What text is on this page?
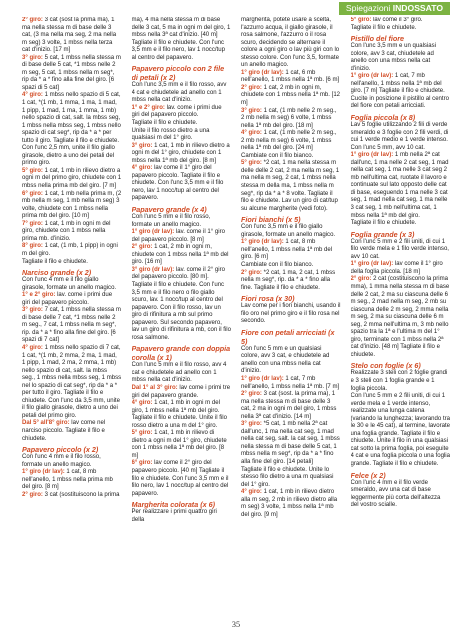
Spiegazioni INDOSSATO

2° giro: 3 cat (sost la prima ma), 1 ma nella stessa m di base delle 3 cat, (3 ma nella ma seg, 2 ma nella m seg) 3 volte, 1 mbss nella terza cat d'inizio. [17 m]

3° giro: 5 cat, 1 mbss nella stessa m di base delle 5 cat, *1 mbss nelle 2 m seg, 5 cat, 1 mbss nella m seg*, rip da * a * fino alla fine del giro. [6 spazi di 5 cat]

4° giro: 1 mbss nello spazio di 5 cat, 1 cat, *(1 mb, 1 mma, 1 ma, 1 mad, 1 pipp, 1 mad, 1 ma, 1 mma, 1 mb) nello spazio di cat, salt. la mbss seg, 1 mbss nella mbss seg, 1 mbss nello spazio di cat seg*, rip da * a * per tutto il giro. Tagliate il filo e chiudete. Con l'unc 2,5 mm, unite il filo giallo girasole, dietro a uno dei petali del primo giro.

5° giro: 1 cat, 1 mb in rilievo dietro a ogni m del primo giro, chiudete con 1 mbss nella prima mb del giro. [7 m]

6° giro: 1 cat, 1 mb nella prima m, (2 mb nella m seg, 1 mb nella m seg) 3 volte, chiudete con 1 mbss nella prima mb del giro. [10 m]

7° giro: 1 cat, 1 mb in ogni m del giro, chiudete con 1 mbss nella prima mb. d'inizio.

8° giro: 1 cat, (1 mb, 1 pipp) in ogni m del giro.

Tagliate il filo e chiudete.

Narciso grande (x 2)

Con l'unc 4 mm e il filo giallo girasole, formate un anello magico.

1° e 2° giro: lav. come i primi due giri del papavero piccolo.

3° giro: 7 cat, 1 mbss nella stessa m di base delle 7 cat, *1 mbss nelle 2 m seg., 7 cat, 1 mbss nella m seg*, rip. da * a * fino alla fine del giro. [6 spazi di 7 cat]

4° giro: 1 mbss nello spazio di 7 cat, 1 cat, *(1 mb, 2 mma, 2 ma, 1 mad, 1 pipp, 1 mad, 2 ma, 2 mma, 1 mb) nello spazio di cat, salt. la mbss seg., 1 mbss nella mbss seg, 1 mbss nel lo spazio di cat seg*, rip da * a * per tutto il giro. Tagliate il filo e chiudete. Con l'unc da 3,5 mm, unite il filo giallo girasole, dietro a uno dei petali del primo giro.

Dal 5° all'8° giro: lav come nel narciso piccolo. Tagliate il filo e chiudete.

Papavero piccolo (x 2)

Con l'unc 4 mm e il filo rosso, formate un anello magico.

1° giro (dr lav): 1 cat, 8 mb nell'anello, 1 mbss nella prima mb del giro. [8 m]

2° giro: 3 cat (sostituiscono la prima

ma), 4 ma nella stessa m di base delle 3 cat, 5 ma in ogni m del giro, 1 mbss nella 3ª cat d'inizio. [40 m] Tagliate il filo e chiudete. Con l'unc 3,5 mm e il filo nero, lav 1 nocc/tup al centro del papavero.

Papavero piccolo con 2 file di petali (x 2)

Con l'unc 3,5 mm e il filo rosso, avv 4 cat e chiudetele ad anello con 1 mbss nella cat d'inizio.

1° e 2° giro: lav. come i primi due giri del papavero piccolo.

Tagliate il filo e chiudete.

Unite il filo rosso dietro a una qualsiasi m del 1° giro.

3° giro: 1 cat, 1 mb in rilievo dietro a ogni m del 1° giro, chiudete con 1 mbss nella 1ª mb del giro. [8 m]

4° giro: lav come il 1° giro del papavero piccolo. Tagliate il filo e chiudete. Con l'unc 3,5 mm e il filo nero, lav 1 nocc/tup al centro del papavero.

Papavero grande (x 4)

Con l'unc 5 mm e il filo rosso, formate un anello magico.

1° giro (dr lav): lav. come il 1° giro del papavero piccolo. [8 m]

2° giro: 1 cat, 2 mb in ogni m, chiudete con 1 mbss nella 1ª mb del giro. [16 m]

3° giro (dr lav): lav. come il 2° giro del papavero piccolo. [80 m]. Tagliate il filo e chiudete. Con l'unc 3,5 mm e il filo nero o filo giallo scuro, lav. 1 nocc/tup al centro del papavero. Con il filo rosso, lav un giro di rifinitura a mb sul primo papavero. Sul secondo papavero, lav un giro di rifinitura a mb, con il filo rosa salmone.

Papavero grande con doppia corolla (x 1)

Con l'unc 5 mm e il filo rosso, avv 4 cat e chiudetele ad anello con 1 mbss nella cat d'inizio.

Dal 1° al 3° giro: lav come i primi tre giri del papavero grande.

4° giro: 1 cat, 1 mb in ogni m del giro, 1 mbss nella 1ª mb del giro. Tagliate il filo e chiudete. Unite il filo rosso dietro a una m del 1° giro.

5° giro: 1 cat, 1 mb in rilievo di dietro a ogni m del 1° giro, chiudete con 1 mbss nella 1ª mb del giro. [8 m]

6° giro: lav come il 2° giro del papavero piccolo. [40 m] Tagliate il filo e chiudete. Con l'unc 3,5 mm e il filo nero, lav 1 nocc/tup al centro del papavero.

Margherita colorata (x 6)

Per realizzare i primi quattro giri della

margherita, potete usare a scelta, l'azzurro acqua, il giallo girasole, il rosa salmone, l'azzurro o il rosa scuro, decidendo se alternare il colore a ogni giro o lav più giri con lo stesso colore. Con l'unc 3,5, formate un anello magico.

1° giro (dr lav): 1 cat, 6 mb nell'anello, 1 mbss nella 1ª mb. [6 m]

2° giro: 1 cat, 2 mb in ogni m, chiudete con 1 mbss nella 1ª mb. [12 m]

3° giro: 1 cat, (1 mb nelle 2 m seg., 2 mb nella m seg) 6 volte, 1 mbss nella 1ª mb del giro. [18 m]

4° giro: 1 cat, (1 mb nelle 2 m seg., 2 mb nella m seg) 6 volte, 1 mbss nella 1ª mb del giro. [24 m]

Cambiate con il filo bianco.

5° giro: *2 cat, 1 ma nella stessa m delle delle 2 cat, 2 ma nella m seg, 1 ma nella m seg, 2 cat, 1 mbss nella stessa m della ma, 1 mbss nella m seg*, rip da * a * 8 volte. Tagliate il filo e chiudete. Lav un giro di cat/tup su alcune margherite (vedi foto).

Fiori bianchi (x 5)

Con l'unc 3,5 mm e il filo giallo girasole, formate un anello magico.

1° giro (dr lav): 1 cat, 8 mb nell'anello, 1 mbss nella 1ª mb del giro. [6 m]

Cambiate con il filo bianco.

2° giro: *2 cat, 1 ma, 2 cat, 1 mbss nella m seg*, rip. da * a * fino alla fine. Tagliate il filo e chiudete.

Fiori rosa (x 30)

Lav come per i fiori bianchi, usando il filo oro nel primo giro e il filo rosa nel secondo.

Fiore con petali arricciati (x 5)

Con l'unc 5 mm e un qualsiasi colore, avv 3 cat, e chiudetele ad anello con una mbss nella cat d'inizio.

1° giro (dr lav): 1 cat, 7 mb nell'anello, 1 mbss nella 1ª mb. [7 m]

2° giro: 3 cat (sost. la prima ma), 1 ma nella stessa m di base delle 3 cat, 2 ma in ogni m del giro, 1 mbss nella 3ª cat d'inizio. [14 m]

3° giro: *5 cat, 1 mb nella 2ª cat dall'unc, 1 ma nella cat seg, 1 mad nella cat seg, salt. la cat seg, 1 mbss nella stessa m di base delle 5 cat, 1 mbss nella m seg*, rip da * a * fino alla fine del giro. [14 petali]

Tagliate il filo e chiudete. Unite lo stesso filo dietro a una m qualsiasi del 1° giro.

4° giro: 1 cat, 1 mb in rilievo dietro alla m seg, 2 mb in rilievo dietro alla m seg) 3 volte, 1 mbss nella 1ª mb del giro. [9 m]

5° giro: lav come il 3° giro.

Tagliate il filo e chiudete.

Pistillo del fiore

Con l'unc 3,5 mm e un qualsiasi colore, avv 3 cat, chiudetele ad anello con una mbss nella cat d'inizio.

1° giro (dr lav): 1 cat, 7 mb nell'anello, 1 mbss nella 1ª mb del giro. [7 m] Tagliate il filo e chiudete. Cucite in posizione il pistillo al centro del fiore con petali arricciati.

Foglia piccola (x 8)

Lav 5 foglie utilizzando 2 fili di verde smeraldo e 3 foglie con 2 fili verdi, di cui 1 verde medio e 1 verde intenso.

Con l'unc 5 mm, avv 10 cat.

1° giro (dr lav): 1 mb nella 2ª cat dall'unc, 1 ma nelle 2 cat seg, 1 mad nella cat seg, 1 ma nelle 3 cat seg 2 mb nell'ultima cat, ruotate il lavoro e continuate sul lato opposto delle cat di base, eseguendo 1 ma nelle 3 cat seg, 1 mad nella cat seg, 1 ma nelle 3 cat seg, 1 mb nell'ultima cat, 1 mbss nella 1ª mb del giro.

Tagliate il filo e chiudete.

Foglia grande (x 3)

Con l'unc 5 mm e 2 fili uniti, di cui 1 filo verde mela e 1 filo verde intenso, avv 10 cat.

1° giro (dr lav): lav come il 1° giro della foglia piccola. [18 m]

2° giro: 2 cat (costituiscono la prima mma), 1 mma nella stessa m di base delle 2 cat, 2 ma su ciascuna delle 6 m seg., 2 mad nella m seg, 2 mb su ciascuna delle 2 m seg, 2 mma nella m seg, 2 ma su ciascuna delle 6 m seg, 2 mma nell'ultima m, 3 mb nello spazio tra la 1ª e l'ultima m del 1° giro, terminate con 1 mbss nella 2ª cat d'inizio. [48 m] Tagliate il filo e chiudete.

Stelo con foglie (x 6)

Realizzate 3 steli con 2 foglie grandi e 3 steli con 1 foglia grande e 1 foglia piccola.

Con l'unc 5 mm e 2 fili uniti, di cui 1 verde mela e 1 verde intenso, realizzate una lunga catena (variando la lunghezza; lavorando tra le 30 e le 45 cat), al termine, lavorate una foglia grande. Tagliate il filo e chiudete. Unite il filo in una qualsiasi cat sotto la prima foglia, poi eseguite 4 cat e una foglia piccola o una foglia grande. Tagliate il filo e chiudete.

Felce (x 2)

Con l'unc 4 mm e il filo verde smeraldo, avv una cat di base leggermente più corta dell'altezza del vostro scialle.

35
